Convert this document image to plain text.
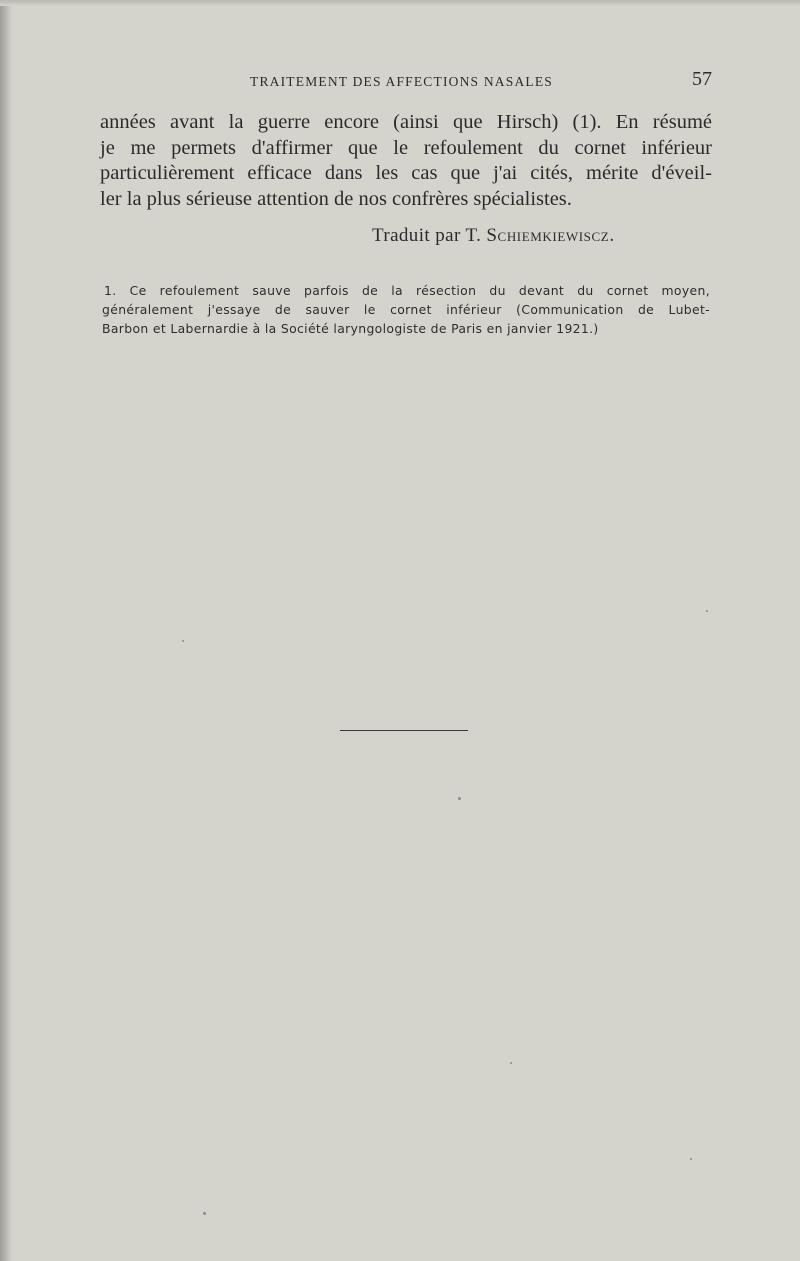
TRAITEMENT DES AFFECTIONS NASALES	57
années avant la guerre encore (ainsi que Hirsch) (1). En résumé
je me permets d'affirmer que le refoulement du cornet inférieur
particulièrement efficace dans les cas que j'ai cités, mérite d'éveil-
ler la plus sérieuse attention de nos confrères spécialistes.
Traduit par T. Schiemkiewiscz.
1. Ce refoulement sauve parfois de la résection du devant du cornet moyen,
généralement j'essaye de sauver le cornet inférieur (Communication de Lubet-
Barbon et Labernardie à la Société laryngologiste de Paris en janvier 1921.)
